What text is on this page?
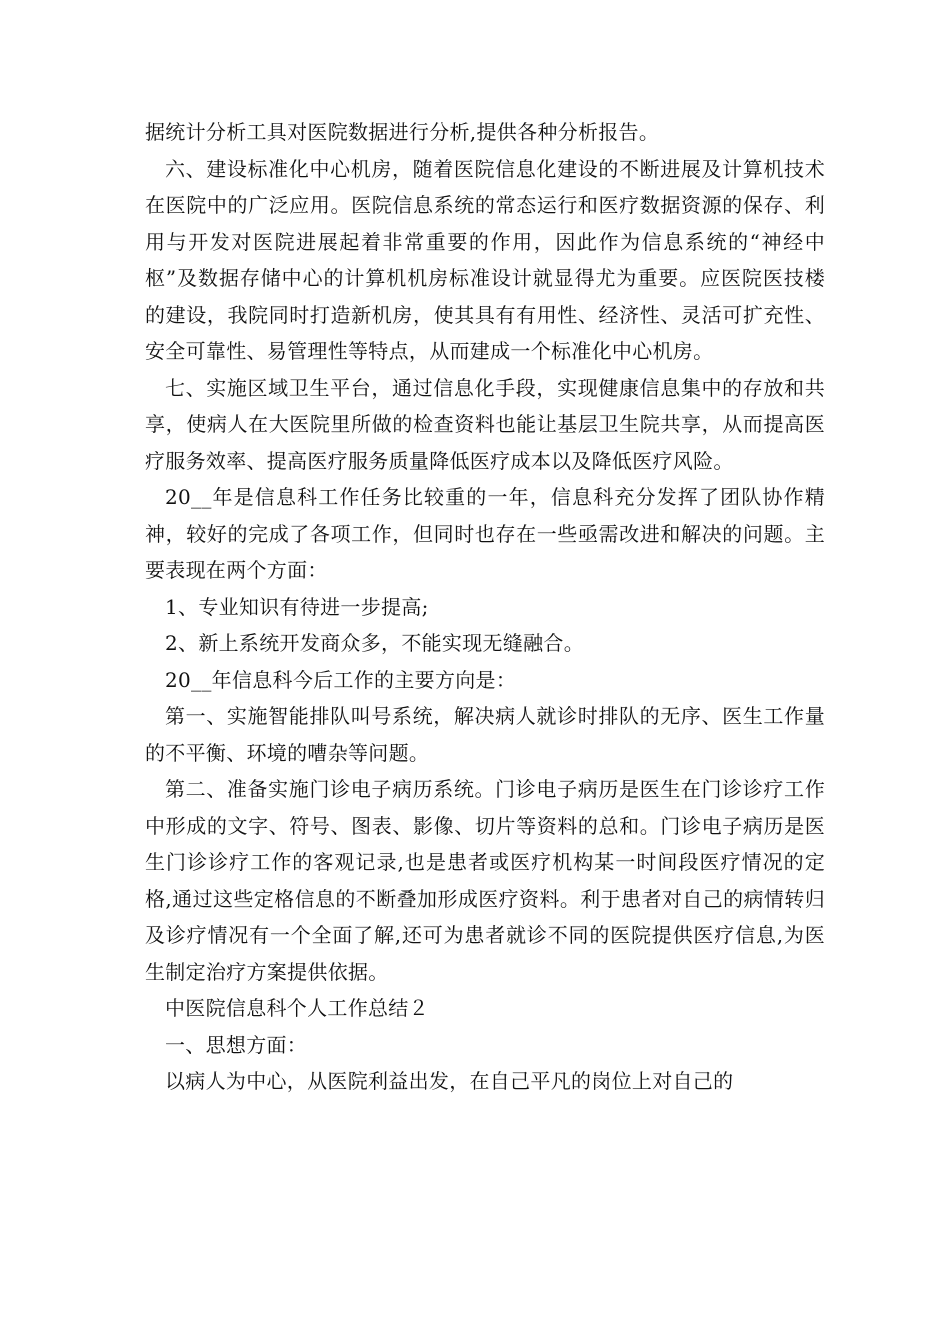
据统计分析工具对医院数据进行分析,提供各种分析报告。

六、建设标准化中心机房，随着医院信息化建设的不断进展及计算机技术在医院中的广泛应用。医院信息系统的常态运行和医疗数据资源的保存、利用与开发对医院进展起着非常重要的作用，因此作为信息系统的“神经中枢”及数据存储中心的计算机机房标准设计就显得尤为重要。应医院医技楼的建设，我院同时打造新机房，使其具有有用性、经济性、灵活可扩充性、安全可靠性、易管理性等特点，从而建成一个标准化中心机房。

七、实施区域卫生平台，通过信息化手段，实现健康信息集中的存放和共享，使病人在大医院里所做的检查资料也能让基层卫生院共享，从而提高医疗服务效率、提高医疗服务质量降低医疗成本以及降低医疗风险。

20__年是信息科工作任务比较重的一年，信息科充分发挥了团队协作精神，较好的完成了各项工作，但同时也存在一些亟需改进和解决的问题。主要表现在两个方面：

1、专业知识有待进一步提高;

2、新上系统开发商众多，不能实现无缝融合。

20__年信息科今后工作的主要方向是：

第一、实施智能排队叫号系统，解决病人就诊时排队的无序、医生工作量的不平衡、环境的嘈杂等问题。

第二、准备实施门诊电子病历系统。门诊电子病历是医生在门诊诊疗工作中形成的文字、符号、图表、影像、切片等资料的总和。门诊电子病历是医生门诊诊疗工作的客观记录,也是患者或医疗机构某一时间段医疗情况的定格,通过这些定格信息的不断叠加形成医疗资料。利于患者对自己的病情转归及诊疗情况有一个全面了解,还可为患者就诊不同的医院提供医疗信息,为医生制定治疗方案提供依据。

中医院信息科个人工作总结２

一、思想方面：

以病人为中心，从医院利益出发，在自己平凡的岗位上对自己的
